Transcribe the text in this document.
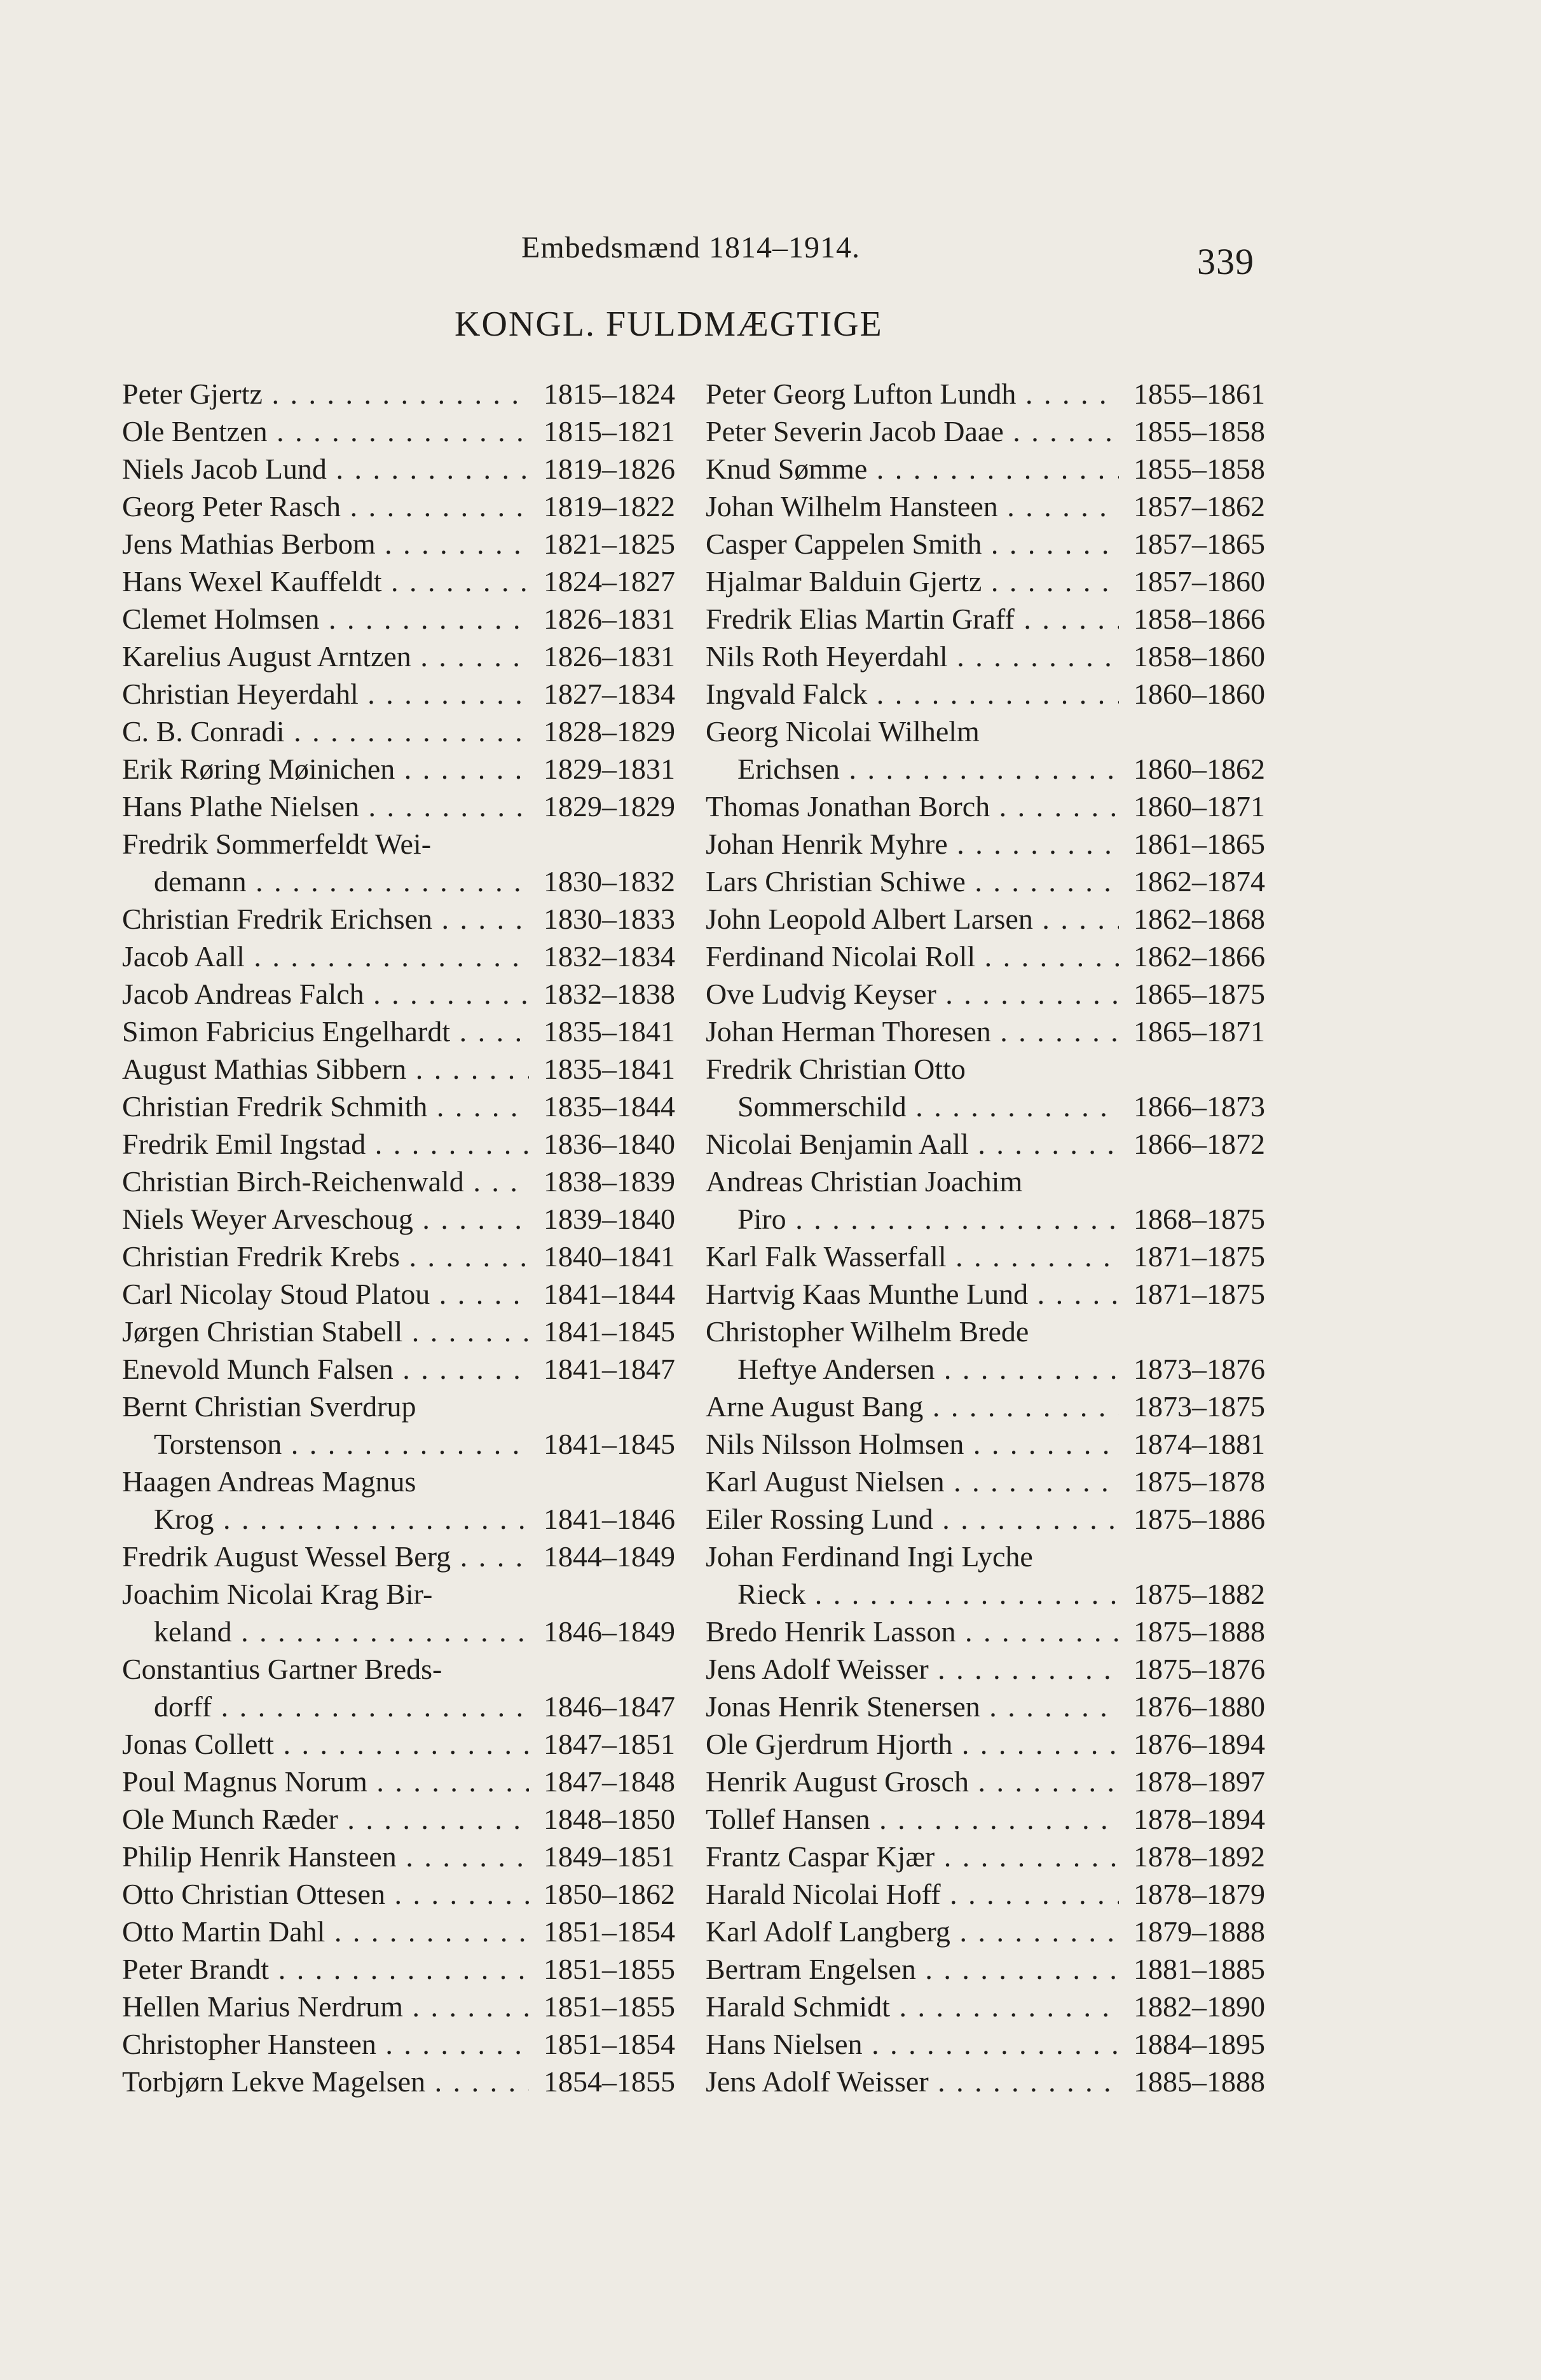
Embedsmænd 1814–1914.	339
KONGL. FULDMÆGTIGE
Peter Gjertz . . .	1815–1824
Ole Bentzen . . .	1815–1821
Niels Jacob Lund . . .	1819–1826
Georg Peter Rasch . . .	1819–1822
Jens Mathias Berbom . . .	1821–1825
Hans Wexel Kauffeldt . . .	1824–1827
Clemet Holmsen . . .	1826–1831
Karelius August Arntzen . . .	1826–1831
Christian Heyerdahl . . .	1827–1834
C. B. Conradi . . .	1828–1829
Erik Røring Møinichen . . .	1829–1831
Hans Plathe Nielsen . . .	1829–1829
Fredrik Sommerfeldt Wei-
demann . . .	1830–1832
Christian Fredrik Erichsen . . .	1830–1833
Jacob Aall . . .	1832–1834
Jacob Andreas Falch . . .	1832–1838
Simon Fabricius Engelhardt . . .	1835–1841
August Mathias Sibbern . . .	1835–1841
Christian Fredrik Schmith . . .	1835–1844
Fredrik Emil Ingstad . . .	1836–1840
Christian Birch-Reichenwald . . .	1838–1839
Niels Weyer Arveschoug . . .	1839–1840
Christian Fredrik Krebs . . .	1840–1841
Carl Nicolay Stoud Platou . . .	1841–1844
Jørgen Christian Stabell . . .	1841–1845
Enevold Munch Falsen . . .	1841–1847
Bernt Christian Sverdrup
Torstenson . . .	1841–1845
Haagen Andreas Magnus
Krog . . .	1841–1846
Fredrik August Wessel Berg . . .	1844–1849
Joachim Nicolai Krag Bir-
keland . . .	1846–1849
Constantius Gartner Breds-
dorff . . .	1846–1847
Jonas Collett . . .	1847–1851
Poul Magnus Norum . . .	1847–1848
Ole Munch Ræder . . .	1848–1850
Philip Henrik Hansteen . . .	1849–1851
Otto Christian Ottesen . . .	1850–1862
Otto Martin Dahl . . .	1851–1854
Peter Brandt . . .	1851–1855
Hellen Marius Nerdrum . . .	1851–1855
Christopher Hansteen . . .	1851–1854
Torbjørn Lekve Magelsen . . .	1854–1855
Peter Georg Lufton Lundh . . .	1855–1861
Peter Severin Jacob Daae . . .	1855–1858
Knud Sømme . . .	1855–1858
Johan Wilhelm Hansteen . . .	1857–1862
Casper Cappelen Smith . . .	1857–1865
Hjalmar Balduin Gjertz . . .	1857–1860
Fredrik Elias Martin Graff . . .	1858–1866
Nils Roth Heyerdahl . . .	1858–1860
Ingvald Falck . . .	1860–1860
Georg Nicolai Wilhelm
Erichsen . . .	1860–1862
Thomas Jonathan Borch . . .	1860–1871
Johan Henrik Myhre . . .	1861–1865
Lars Christian Schiwe . . .	1862–1874
John Leopold Albert Larsen . . .	1862–1868
Ferdinand Nicolai Roll . . .	1862–1866
Ove Ludvig Keyser . . .	1865–1875
Johan Herman Thoresen . . .	1865–1871
Fredrik Christian Otto
Sommerschild . . .	1866–1873
Nicolai Benjamin Aall . . .	1866–1872
Andreas Christian Joachim
Piro . . .	1868–1875
Karl Falk Wasserfall . . .	1871–1875
Hartvig Kaas Munthe Lund . . .	1871–1875
Christopher Wilhelm Brede
Heftye Andersen . . .	1873–1876
Arne August Bang . . .	1873–1875
Nils Nilsson Holmsen . . .	1874–1881
Karl August Nielsen . . .	1875–1878
Eiler Rossing Lund . . .	1875–1886
Johan Ferdinand Ingi Lyche
Rieck . . .	1875–1882
Bredo Henrik Lasson . . .	1875–1888
Jens Adolf Weisser . . .	1875–1876
Jonas Henrik Stenersen . . .	1876–1880
Ole Gjerdrum Hjorth . . .	1876–1894
Henrik August Grosch . . .	1878–1897
Tollef Hansen . . .	1878–1894
Frantz Caspar Kjær . . .	1878–1892
Harald Nicolai Hoff . . .	1878–1879
Karl Adolf Langberg . . .	1879–1888
Bertram Engelsen . . .	1881–1885
Harald Schmidt . . .	1882–1890
Hans Nielsen . . .	1884–1895
Jens Adolf Weisser . . .	1885–1888
